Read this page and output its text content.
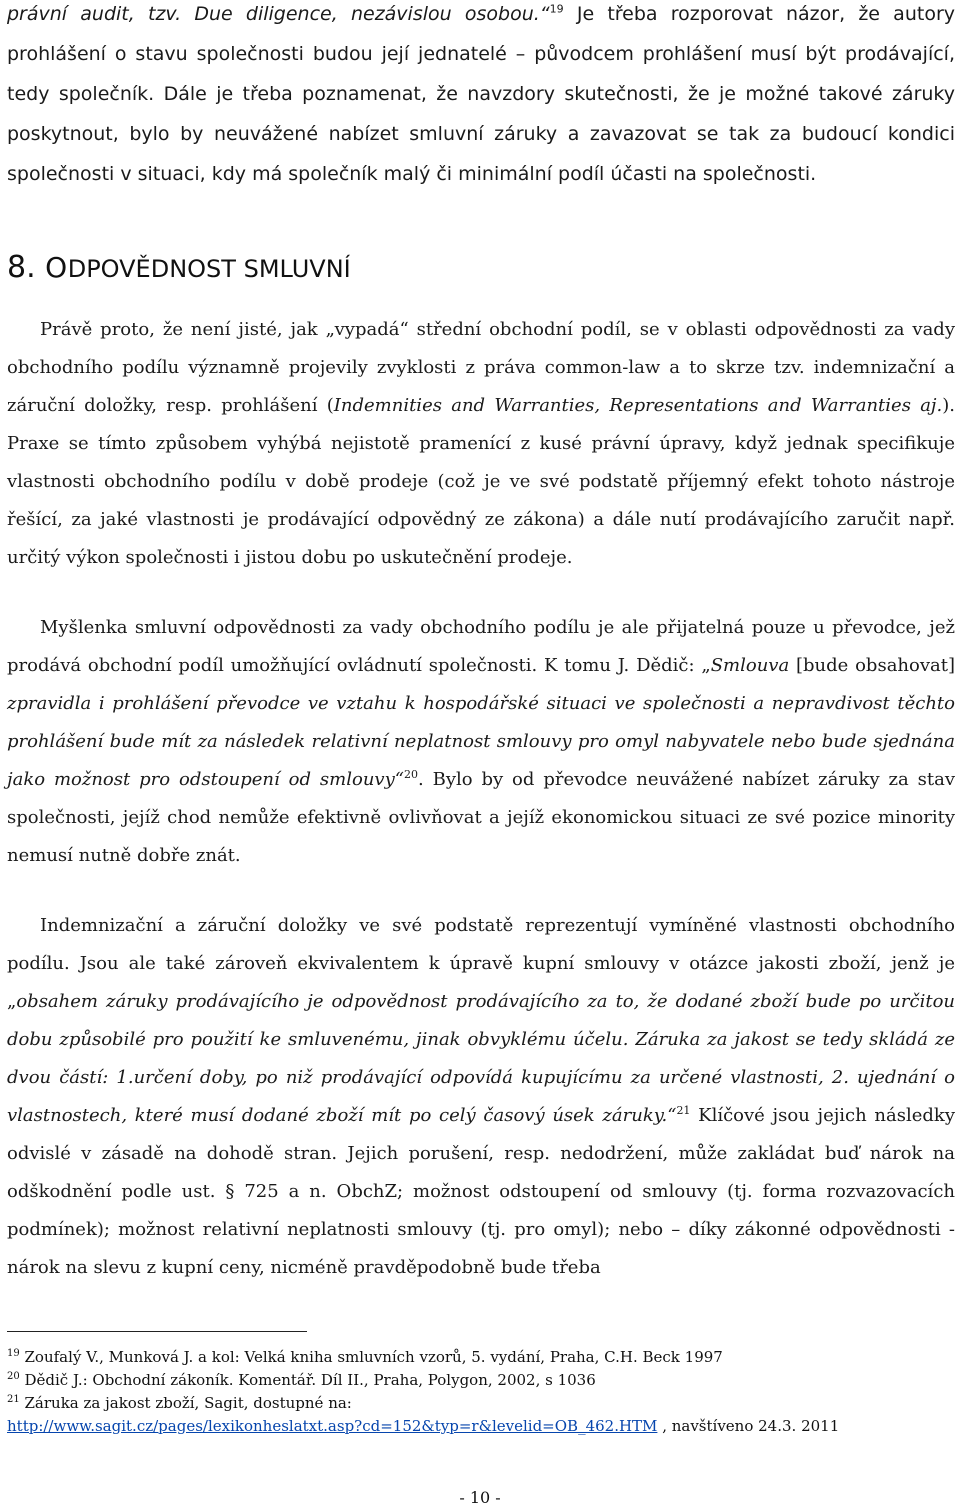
právní audit, tzv. Due diligence, nezávislou osobou.“$^{19}$ Je třeba rozporovat názor, že autory prohlášení o stavu společnosti budou její jednatelé – původcem prohlášení musí být prodávající, tedy společník. Dále je třeba poznamenat, že navzdory skutečnosti, že je možné takové záruky poskytnout, bylo by neuvážené nabízet smluvní záruky a zavazovat se tak za budoucí kondici společnosti v situaci, kdy má společník malý či minimální podíl účasti na společnosti.

8. ODPOVĚDNOST SMLUVNÍ

Právě proto, že není jisté, jak „vypadá“ střední obchodní podíl, se v oblasti odpovědnosti za vady obchodního podílu významně projevily zvyklosti z práva common-law a to skrze tzv. indemnizační a záruční doložky, resp. prohlášení (Indemnities and Warranties, Representations and Warranties aj.). Praxe se tímto způsobem vyhýbá nejistotě pramenící z kusé právní úpravy, když jednak specifikuje vlastnosti obchodního podílu v době prodeje (což je ve své podstatě příjemný efekt tohoto nástroje řešící, za jaké vlastnosti je prodávající odpovědný ze zákona) a dále nutí prodávajícího zaručit např. určitý výkon společnosti i jistou dobu po uskutečnění prodeje.

Myšlenka smluvní odpovědnosti za vady obchodního podílu je ale přijatelná pouze u převodce, jež prodává obchodní podíl umožňující ovládnutí společnosti. K tomu J. Dědič: „Smlouva [bude obsahovat] zpravidla i prohlášení převodce ve vztahu k hospodářské situaci ve společnosti a nepravdivost těchto prohlášení bude mít za následek relativní neplatnost smlouvy pro omyl nabyvatele nebo bude sjednána jako možnost pro odstoupení od smlouvy“$^{20}$. Bylo by od převodce neuvážené nabízet záruky za stav společnosti, jejíž chod nemůže efektivně ovlivňovat a jejíž ekonomickou situaci ze své pozice minority nemusí nutně dobře znát.

Indemnizační a záruční doložky ve své podstatě reprezentují vymíněné vlastnosti obchodního podílu. Jsou ale také zároveň ekvivalentem k úpravě kupní smlouvy v otázce jakosti zboží, jenž je „obsahem záruky prodávajícího je odpovědnost prodávajícího za to, že dodané zboží bude po určitou dobu způsobilé pro použití ke smluvenému, jinak obvyklému účelu. Záruka za jakost se tedy skládá ze dvou částí: 1.určení doby, po niž prodávající odpovídá kupujícímu za určené vlastnosti, 2. ujednání o vlastnostech, které musí dodané zboží mít po celý časový úsek záruky.“$^{21}$ Klíčové jsou jejich následky odvislé v zásadě na dohodě stran. Jejich porušení, resp. nedodržení, může zakládat buď nárok na odškodnění podle ust. § 725 a n. ObchZ; možnost odstoupení od smlouvy (tj. forma rozvazovacích podmínek); možnost relativní neplatnosti smlouvy (tj. pro omyl); nebo – díky zákonné odpovědnosti - nárok na slevu z kupní ceny, nicméně pravděpodobně bude třeba

$^{19}$ Zoufalý V., Munková J. a kol: Velká kniha smluvních vzorů, 5. vydání, Praha, C.H. Beck 1997
$^{20}$ Dědič J.: Obchodní zákoník. Komentář. Díl II., Praha, Polygon, 2002, s 1036
$^{21}$ Záruka za jakost zboží, Sagit, dostupné na:
http://www.sagit.cz/pages/lexikonheslatxt.asp?cd=152&typ=r&levelid=OB_462.HTM , navštíveno 24.3. 2011
- 10 -
